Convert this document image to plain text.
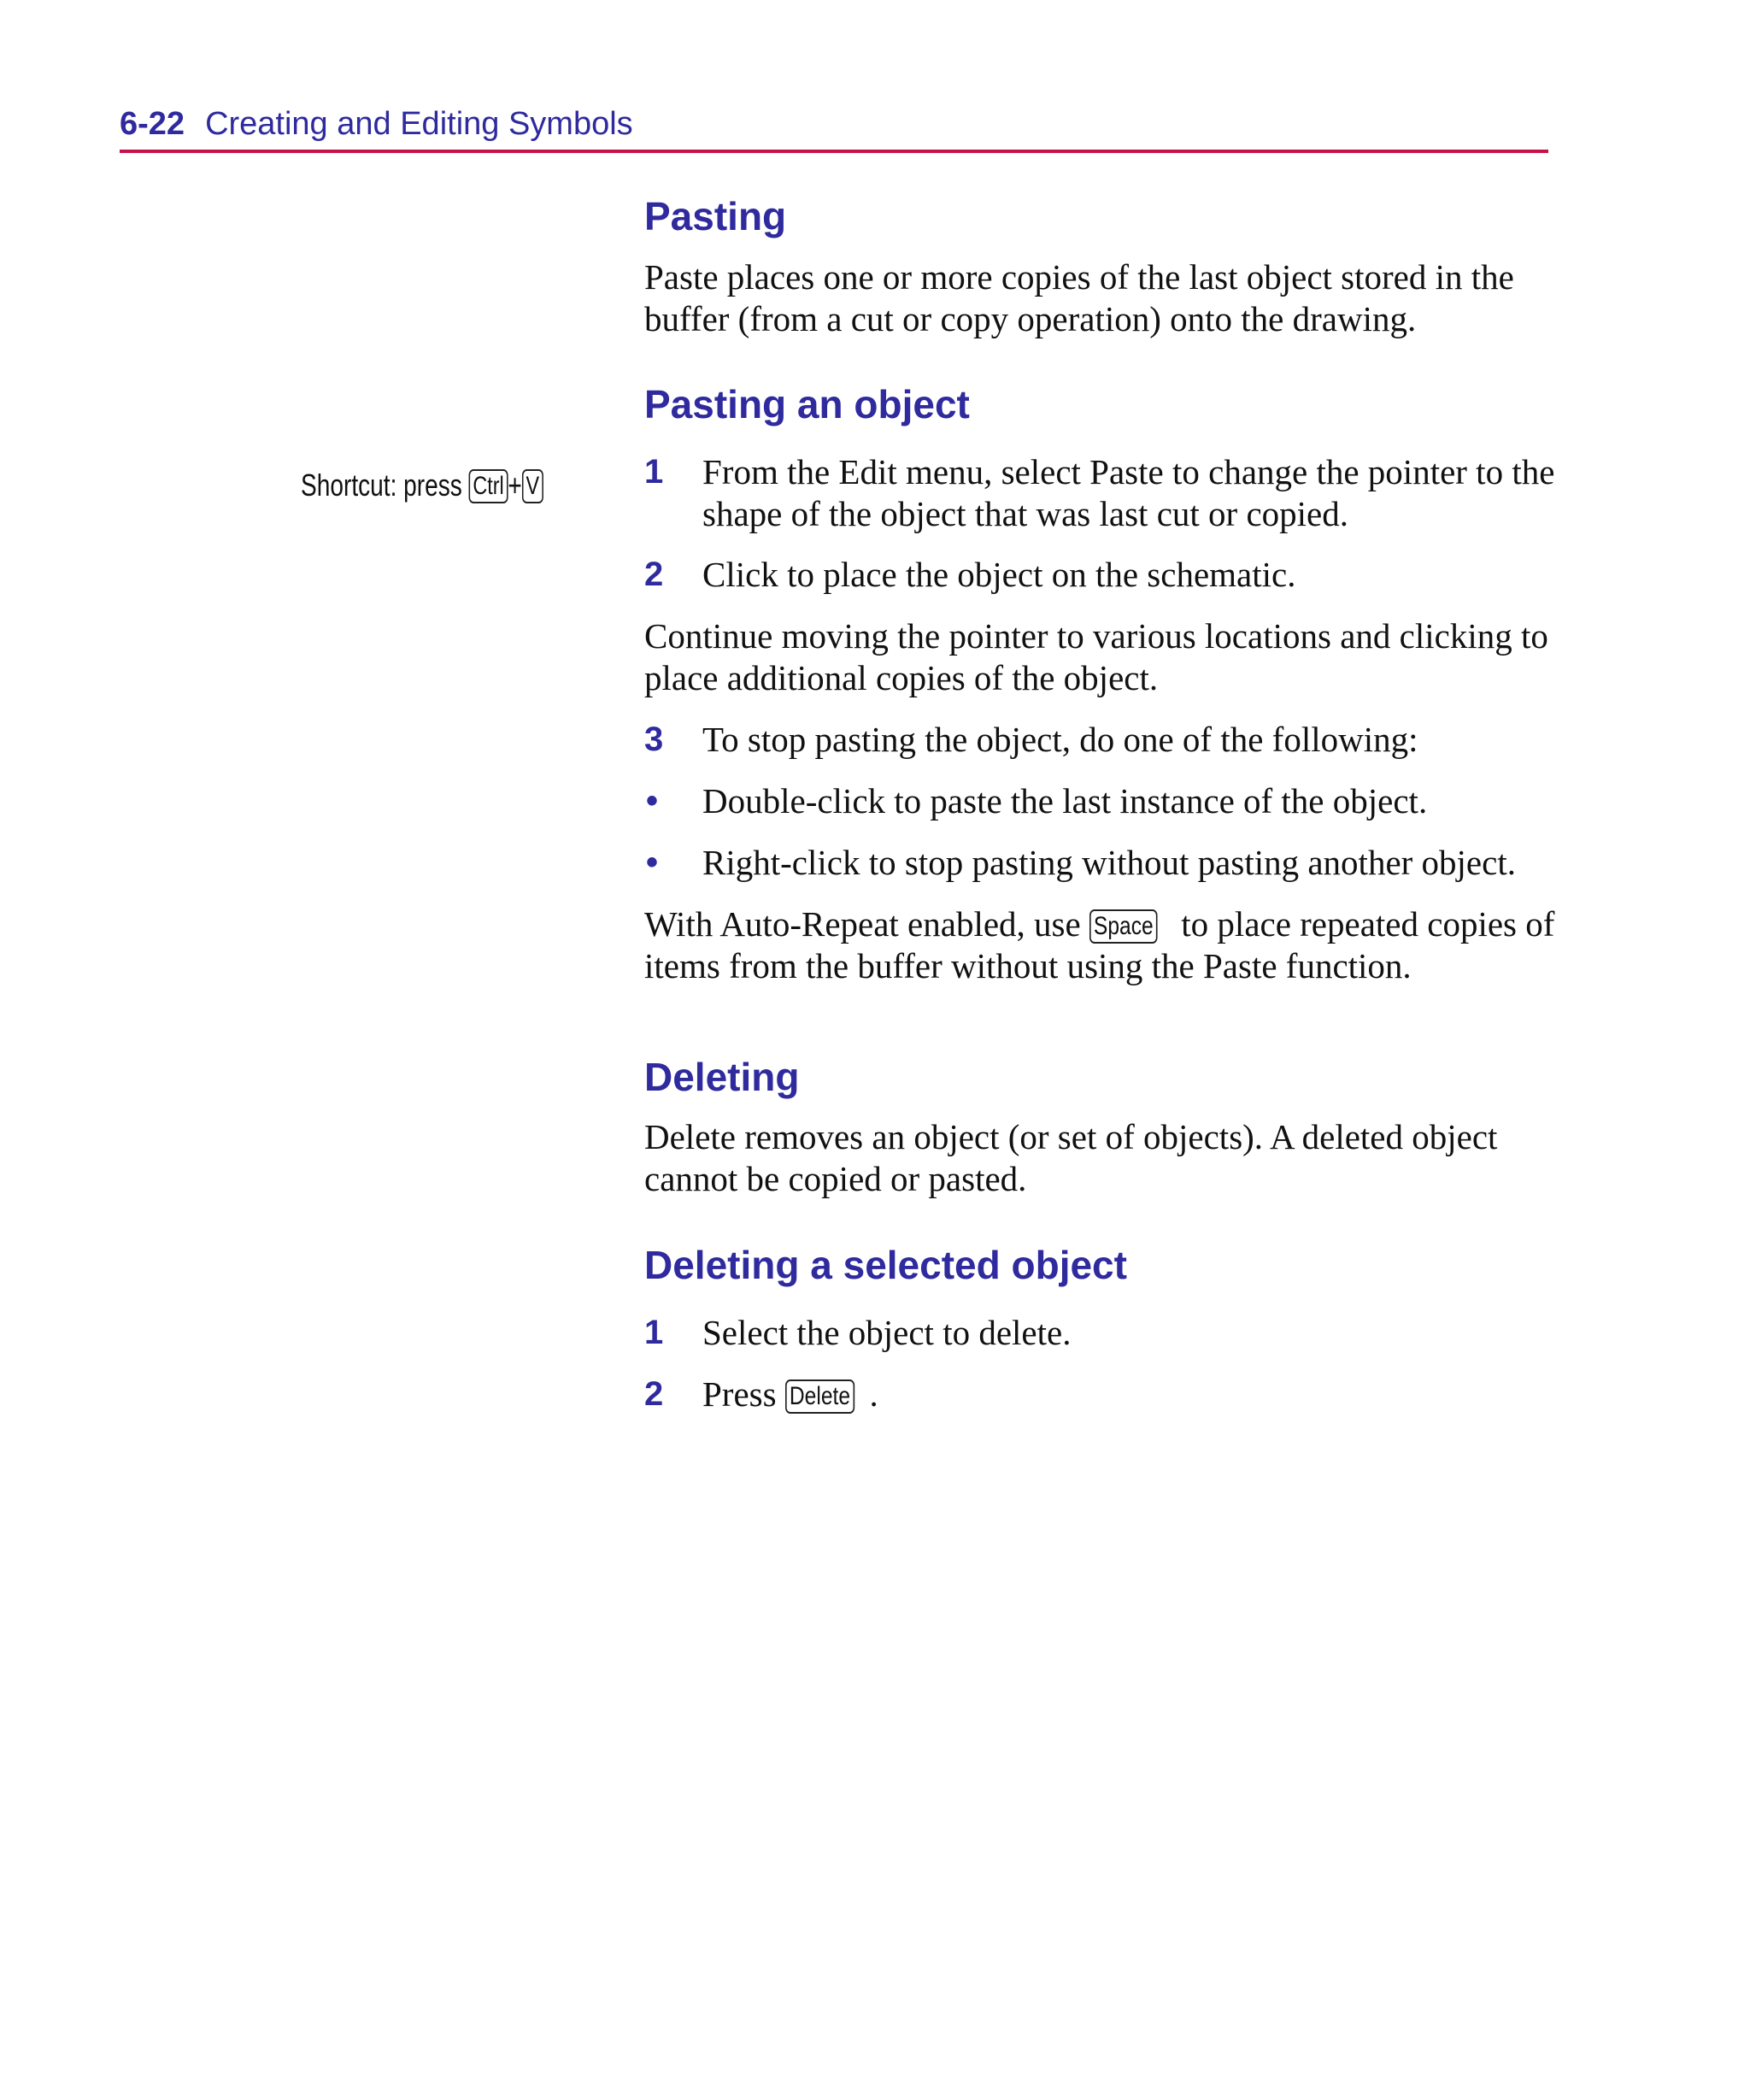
6-22 Creating and Editing Symbols
Shortcut: press Ctrl + V
Pasting

Paste places one or more copies of the last object stored in the buffer (from a cut or copy operation) onto the drawing.

Pasting an object
1 From the Edit menu, select Paste to change the pointer to the shape of the object that was last cut or copied.
2 Click to place the object on the schematic.

Continue moving the pointer to various locations and clicking to place additional copies of the object.

3 To stop pasting the object, do one of the following:
• Double-click to paste the last instance of the object.
• Right-click to stop pasting without pasting another object.

With Auto-Repeat enabled, use Space to place repeated copies of items from the buffer without using the Paste function.

Deleting

Delete removes an object (or set of objects). A deleted object cannot be copied or pasted.

Deleting a selected object
1 Select the object to delete.
2 Press Delete .
